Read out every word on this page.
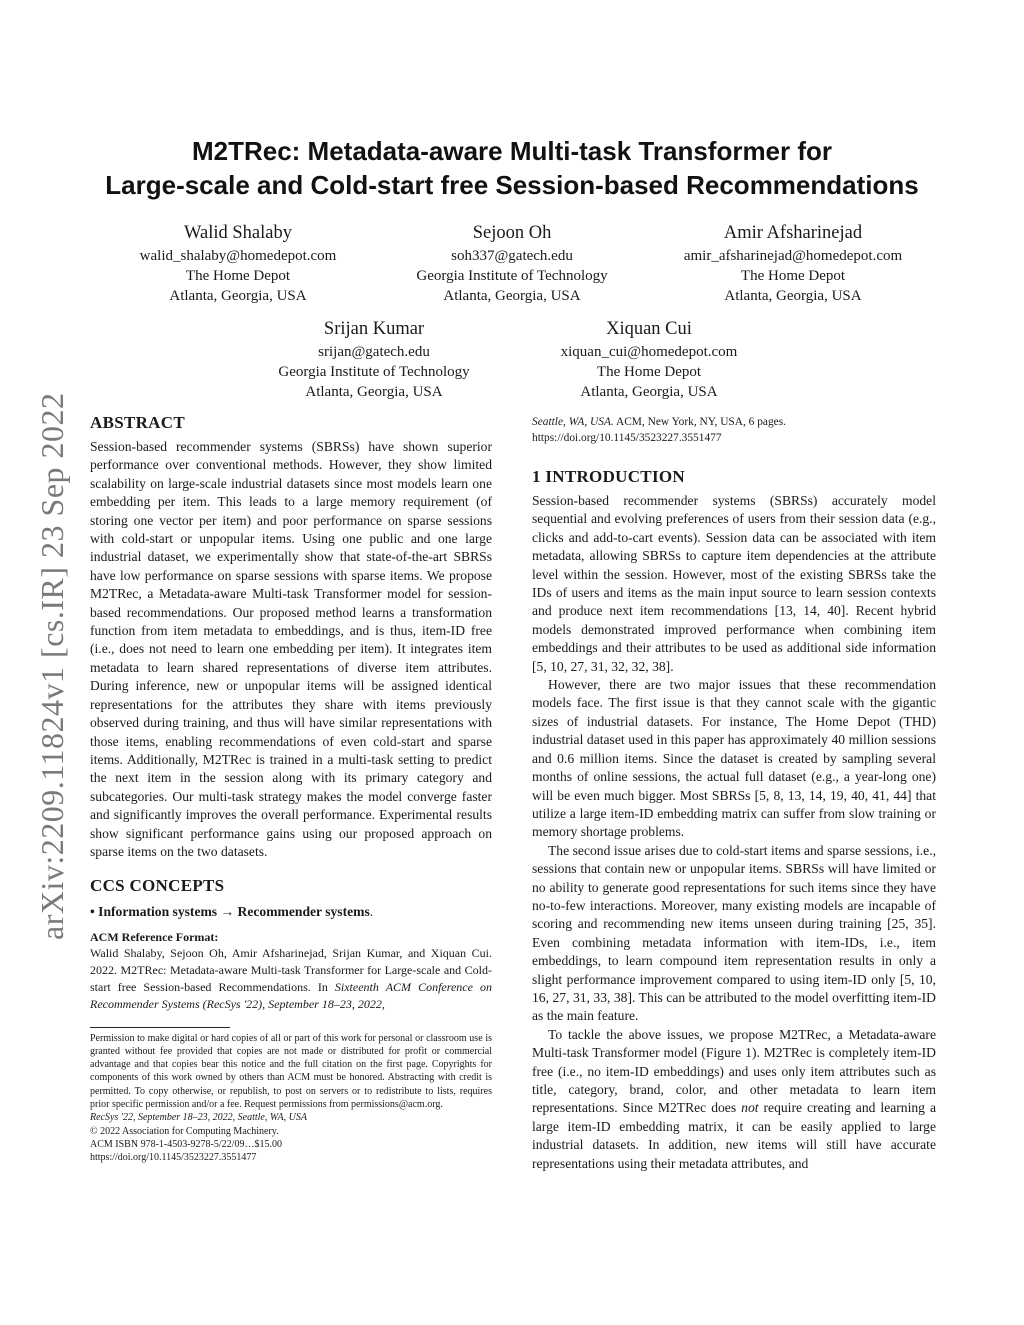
arXiv:2209.11824v1 [cs.IR] 23 Sep 2022
M2TRec: Metadata-aware Multi-task Transformer for
Large-scale and Cold-start free Session-based Recommendations
Walid Shalaby
walid_shalaby@homedepot.com
The Home Depot
Atlanta, Georgia, USA
Sejoon Oh
soh337@gatech.edu
Georgia Institute of Technology
Atlanta, Georgia, USA
Amir Afsharinejad
amir_afsharinejad@homedepot.com
The Home Depot
Atlanta, Georgia, USA
Srijan Kumar
srijan@gatech.edu
Georgia Institute of Technology
Atlanta, Georgia, USA
Xiquan Cui
xiquan_cui@homedepot.com
The Home Depot
Atlanta, Georgia, USA
ABSTRACT

Session-based recommender systems (SBRSs) have shown superior performance over conventional methods. However, they show limited scalability on large-scale industrial datasets since most models learn one embedding per item. This leads to a large memory requirement (of storing one vector per item) and poor performance on sparse sessions with cold-start or unpopular items. Using one public and one large industrial dataset, we experimentally show that state-of-the-art SBRSs have low performance on sparse sessions with sparse items. We propose M2TRec, a Metadata-aware Multi-task Transformer model for session-based recommendations. Our proposed method learns a transformation function from item metadata to embeddings, and is thus, item-ID free (i.e., does not need to learn one embedding per item). It integrates item metadata to learn shared representations of diverse item attributes. During inference, new or unpopular items will be assigned identical representations for the attributes they share with items previously observed during training, and thus will have similar representations with those items, enabling recommendations of even cold-start and sparse items. Additionally, M2TRec is trained in a multi-task setting to predict the next item in the session along with its primary category and subcategories. Our multi-task strategy makes the model converge faster and significantly improves the overall performance. Experimental results show significant performance gains using our proposed approach on sparse items on the two datasets.

CCS CONCEPTS

• Information systems → Recommender systems.

ACM Reference Format:

Walid Shalaby, Sejoon Oh, Amir Afsharinejad, Srijan Kumar, and Xiquan Cui. 2022. M2TRec: Metadata-aware Multi-task Transformer for Large-scale and Cold-start free Session-based Recommendations. In Sixteenth ACM Conference on Recommender Systems (RecSys '22), September 18–23, 2022,

Permission to make digital or hard copies of all or part of this work for personal or classroom use is granted without fee provided that copies are not made or distributed for profit or commercial advantage and that copies bear this notice and the full citation on the first page. Copyrights for components of this work owned by others than ACM must be honored. Abstracting with credit is permitted. To copy otherwise, or republish, to post on servers or to redistribute to lists, requires prior specific permission and/or a fee. Request permissions from permissions@acm.org.
RecSys '22, September 18–23, 2022, Seattle, WA, USA
© 2022 Association for Computing Machinery.
ACM ISBN 978-1-4503-9278-5/22/09…$15.00
https://doi.org/10.1145/3523227.3551477

Seattle, WA, USA. ACM, New York, NY, USA, 6 pages. https://doi.org/10.1145/3523227.3551477

1 INTRODUCTION

Session-based recommender systems (SBRSs) accurately model sequential and evolving preferences of users from their session data (e.g., clicks and add-to-cart events). Session data can be associated with item metadata, allowing SBRSs to capture item dependencies at the attribute level within the session. However, most of the existing SBRSs take the IDs of users and items as the main input source to learn session contexts and produce next item recommendations [13, 14, 40]. Recent hybrid models demonstrated improved performance when combining item embeddings and their attributes to be used as additional side information [5, 10, 27, 31, 32, 32, 38].

However, there are two major issues that these recommendation models face. The first issue is that they cannot scale with the gigantic sizes of industrial datasets. For instance, The Home Depot (THD) industrial dataset used in this paper has approximately 40 million sessions and 0.6 million items. Since the dataset is created by sampling several months of online sessions, the actual full dataset (e.g., a year-long one) will be even much bigger. Most SBRSs [5, 8, 13, 14, 19, 40, 41, 44] that utilize a large item-ID embedding matrix can suffer from slow training or memory shortage problems.

The second issue arises due to cold-start items and sparse sessions, i.e., sessions that contain new or unpopular items. SBRSs will have limited or no ability to generate good representations for such items since they have no-to-few interactions. Moreover, many existing models are incapable of scoring and recommending new items unseen during training [25, 35]. Even combining metadata information with item-IDs, i.e., item embeddings, to learn compound item representation results in only a slight performance improvement compared to using item-ID only [5, 10, 16, 27, 31, 33, 38]. This can be attributed to the model overfitting item-ID as the main feature.

To tackle the above issues, we propose M2TRec, a Metadata-aware Multi-task Transformer model (Figure 1). M2TRec is completely item-ID free (i.e., no item-ID embeddings) and uses only item attributes such as title, category, brand, color, and other metadata to learn item representations. Since M2TRec does not require creating and learning a large item-ID embedding matrix, it can be easily applied to large industrial datasets. In addition, new items will still have accurate representations using their metadata attributes, and
